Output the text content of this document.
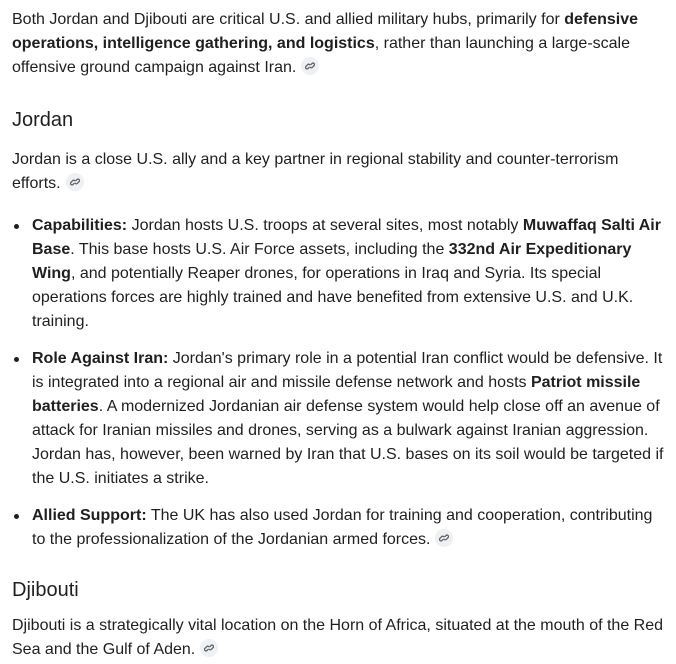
Both Jordan and Djibouti are critical U.S. and allied military hubs, primarily for defensive operations, intelligence gathering, and logistics, rather than launching a large-scale offensive ground campaign against Iran.

Jordan

Jordan is a close U.S. ally and a key partner in regional stability and counter-terrorism efforts.

Capabilities: Jordan hosts U.S. troops at several sites, most notably Muwaffaq Salti Air Base. This base hosts U.S. Air Force assets, including the 332nd Air Expeditionary Wing, and potentially Reaper drones, for operations in Iraq and Syria. Its special operations forces are highly trained and have benefited from extensive U.S. and U.K. training.
Role Against Iran: Jordan's primary role in a potential Iran conflict would be defensive. It is integrated into a regional air and missile defense network and hosts Patriot missile batteries. A modernized Jordanian air defense system would help close off an avenue of attack for Iranian missiles and drones, serving as a bulwark against Iranian aggression. Jordan has, however, been warned by Iran that U.S. bases on its soil would be targeted if the U.S. initiates a strike.
Allied Support: The UK has also used Jordan for training and cooperation, contributing to the professionalization of the Jordanian armed forces.
Djibouti

Djibouti is a strategically vital location on the Horn of Africa, situated at the mouth of the Red Sea and the Gulf of Aden.
